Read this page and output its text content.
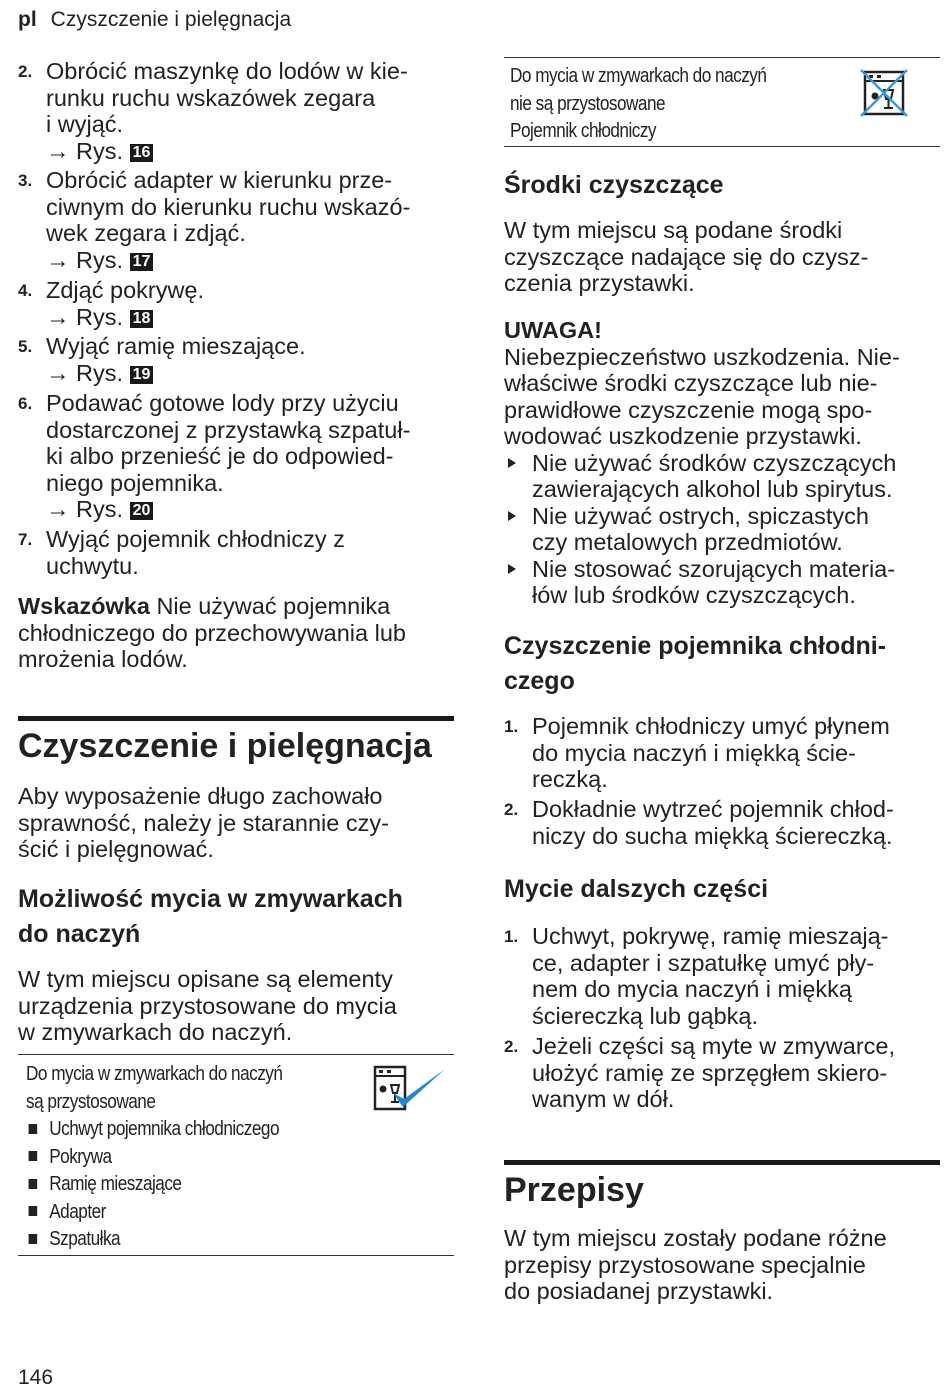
pl Czyszczenie i pielęgnacja
2. Obrócić maszynkę do lodów w kie-
runku ruchu wskazówek zegara
i wyjąć.
→ Rys. 16
3. Obrócić adapter w kierunku prze-
ciwnym do kierunku ruchu wskazó-
wek zegara i zdjąć.
→ Rys. 17
4. Zdjąć pokrywę.
→ Rys. 18
5. Wyjąć ramię mieszające.
→ Rys. 19
6. Podawać gotowe lody przy użyciu
dostarczonej z przystawką szpatuł-
ki albo przenieść je do odpowied-
niego pojemnika.
→ Rys. 20
7. Wyjąć pojemnik chłodniczy z
uchwytu.
Wskazówka Nie używać pojemnika
chłodniczego do przechowywania lub
mrożenia lodów.
Czyszczenie i pielęgnacja
Aby wyposażenie długo zachowało
sprawność, należy je starannie czy-
ścić i pielęgnować.
Możliwość mycia w zmywarkach
do naczyń
W tym miejscu opisane są elementy
urządzenia przystosowane do mycia
w zmywarkach do naczyń.
Do mycia w zmywarkach do naczyń
są przystosowane
Uchwyt pojemnika chłodniczego
Pokrywa
Ramię mieszające
Adapter
Szpatułka
Do mycia w zmywarkach do naczyń
nie są przystosowane
Pojemnik chłodniczy
Środki czyszczące
W tym miejscu są podane środki
czyszczące nadające się do czysz-
czenia przystawki.
UWAGA!
Niebezpieczeństwo uszkodzenia. Nie-
właściwe środki czyszczące lub nie-
prawidłowe czyszczenie mogą spo-
wodować uszkodzenie przystawki.
Nie używać środków czyszczących
zawierających alkohol lub spirytus.
Nie używać ostrych, spiczastych
czy metalowych przedmiotów.
Nie stosować szorujących materia-
łów lub środków czyszczących.
Czyszczenie pojemnika chłodni-
czego
1. Pojemnik chłodniczy umyć płynem
do mycia naczyń i miękką ście-
reczką.
2. Dokładnie wytrzeć pojemnik chłod-
niczy do sucha miękką ściereczką.
Mycie dalszych części
1. Uchwyt, pokrywę, ramię mieszają-
ce, adapter i szpatułkę umyć pły-
nem do mycia naczyń i miękką
ściereczką lub gąbką.
2. Jeżeli części są myte w zmywarce,
ułożyć ramię ze sprzęgłem skiero-
wanym w dół.
Przepisy
W tym miejscu zostały podane różne
przepisy przystosowane specjalnie
do posiadanej przystawki.
146
